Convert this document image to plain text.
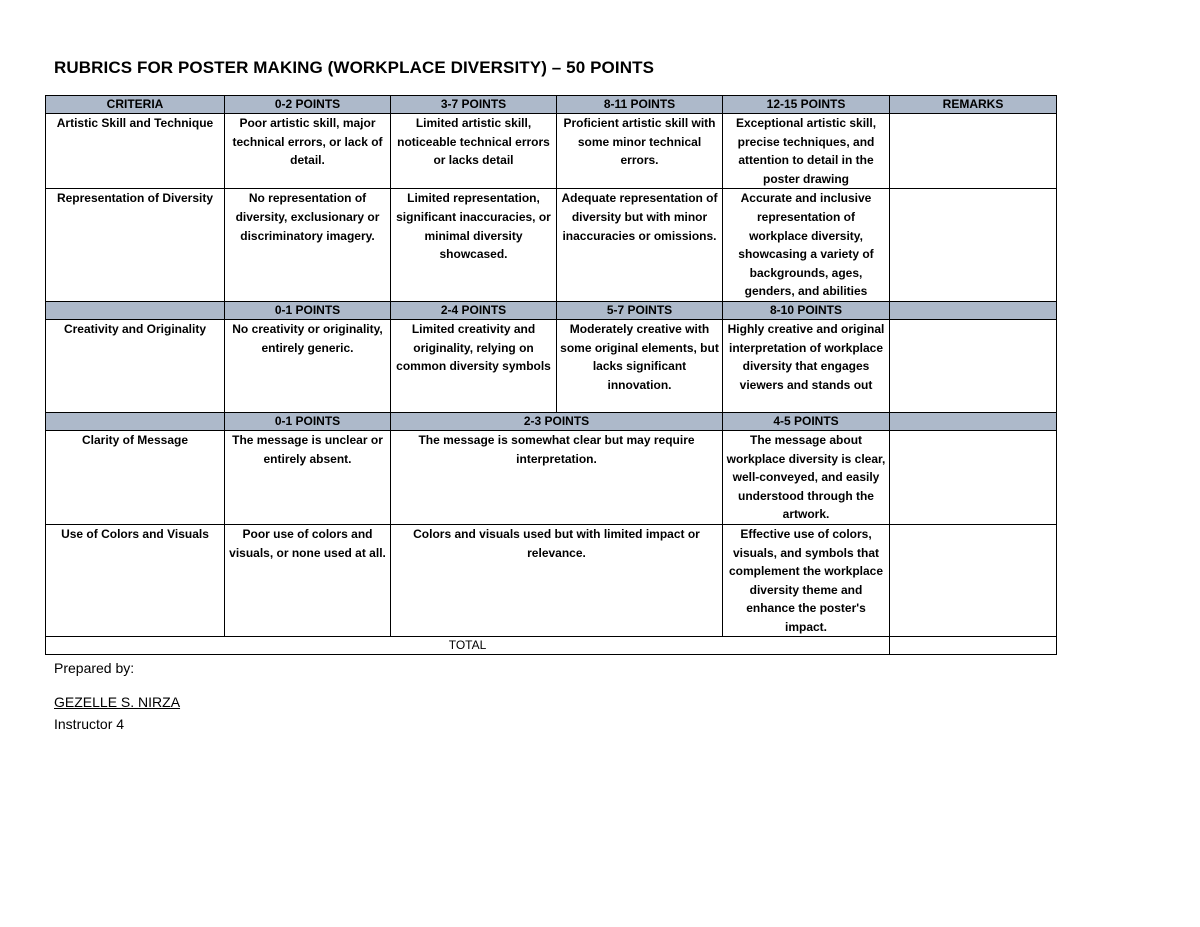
RUBRICS FOR POSTER MAKING (WORKPLACE DIVERSITY) – 50 POINTS
CRITERIA	0-2 POINTS	3-7 POINTS	8-11 POINTS	12-15 POINTS	REMARKS
Artistic Skill and Technique	Poor artistic skill, major technical errors, or lack of detail.	Limited artistic skill, noticeable technical errors or lacks detail	Proficient artistic skill with some minor technical errors.	Exceptional artistic skill, precise techniques, and attention to detail in the poster drawing	
Representation of Diversity	No representation of diversity, exclusionary or discriminatory imagery.	Limited representation, significant inaccuracies, or minimal diversity showcased.	Adequate representation of diversity but with minor inaccuracies or omissions.	Accurate and inclusive representation of workplace diversity, showcasing a variety of backgrounds, ages, genders, and abilities	
	0-1 POINTS	2-4 POINTS	5-7 POINTS	8-10 POINTS	
Creativity and Originality	No creativity or originality, entirely generic.	Limited creativity and originality, relying on common diversity symbols	Moderately creative with some original elements, but lacks significant innovation.	Highly creative and original interpretation of workplace diversity that engages viewers and stands out	
	0-1 POINTS	2-3 POINTS		4-5 POINTS	
Clarity of Message	The message is unclear or entirely absent.	The message is somewhat clear but may require interpretation.		The message about workplace diversity is clear, well-conveyed, and easily understood through the artwork.	
Use of Colors and Visuals	Poor use of colors and visuals, or none used at all.	Colors and visuals used but with limited impact or relevance.		Effective use of colors, visuals, and symbols that complement the workplace diversity theme and enhance the poster's impact.	
TOTAL					
Prepared by:
GEZELLE S. NIRZA
Instructor 4
